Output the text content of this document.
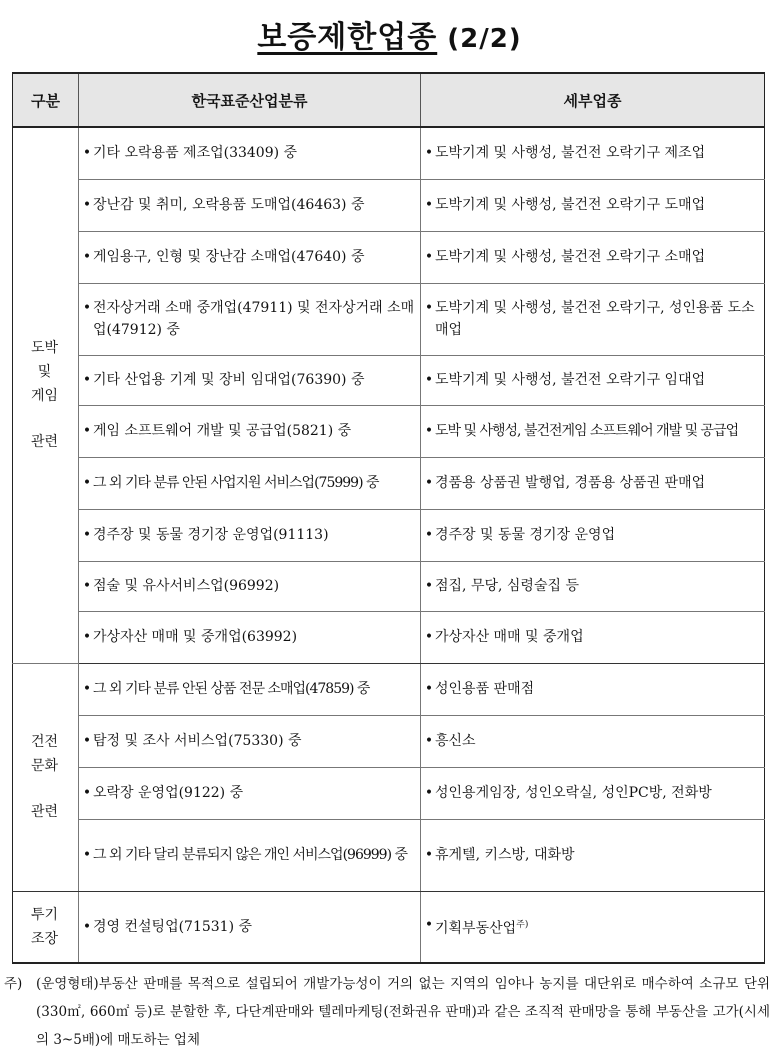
보증제한업종 (2/2)
구분	한국표준산업분류	세부업종
도박
및
게임
관련	• 기타 오락용품 제조업(33409) 중	• 도박기계 및 사행성, 불건전 오락기구 제조업

	• 장난감 및 취미, 오락용품 도매업(46463) 중	• 도박기계 및 사행성, 불건전 오락기구 도매업

	• 게임용구, 인형 및 장난감 소매업(47640) 중	• 도박기계 및 사행성, 불건전 오락기구 소매업

	• 전자상거래 소매 중개업(47911) 및 전자상거래 소매업(47912) 중	• 도박기계 및 사행성, 불건전 오락기구, 성인용품 도소매업

	• 기타 산업용 기계 및 장비 임대업(76390) 중	• 도박기계 및 사행성, 불건전 오락기구 임대업

	• 게임 소프트웨어 개발 및 공급업(5821) 중	• 도박 및 사행성, 불건전게임 소프트웨어 개발 및 공급업

	• 그 외 기타 분류 안된 사업지원 서비스업(75999) 중	• 경품용 상품권 발행업, 경품용 상품권 판매업

	• 경주장 및 동물 경기장 운영업(91113)	• 경주장 및 동물 경기장 운영업

	• 점술 및 유사서비스업(96992)	• 점집, 무당, 심령술집 등

	• 가상자산 매매 및 중개업(63992)	• 가상자산 매매 및 중개업

건전
문화
관련	• 그 외 기타 분류 안된 상품 전문 소매업(47859) 중	• 성인용품 판매점

	• 탐정 및 조사 서비스업(75330) 중	• 흥신소

	• 오락장 운영업(9122) 중	• 성인용게임장, 성인오락실, 성인PC방, 전화방

	• 그 외 기타 달리 분류되지 않은 개인 서비스업(96999) 중	• 휴게텔, 키스방, 대화방

투기
조장	• 경영 컨설팅업(71531) 중	• 기획부동산업$^{주)}$
주)	(운영형태)부동산 판매를 목적으로 설립되어 개발가능성이 거의 없는 지역의 임야나 농지를 대단위로 매수하여 소규모 단위(330㎡, 660㎡ 등)로 분할한 후, 다단계판매와 텔레마케팅(전화권유 판매)과 같은 조직적 판매망을 통해 부동산을 고가(시세의 3~5배)에 매도하는 업체
